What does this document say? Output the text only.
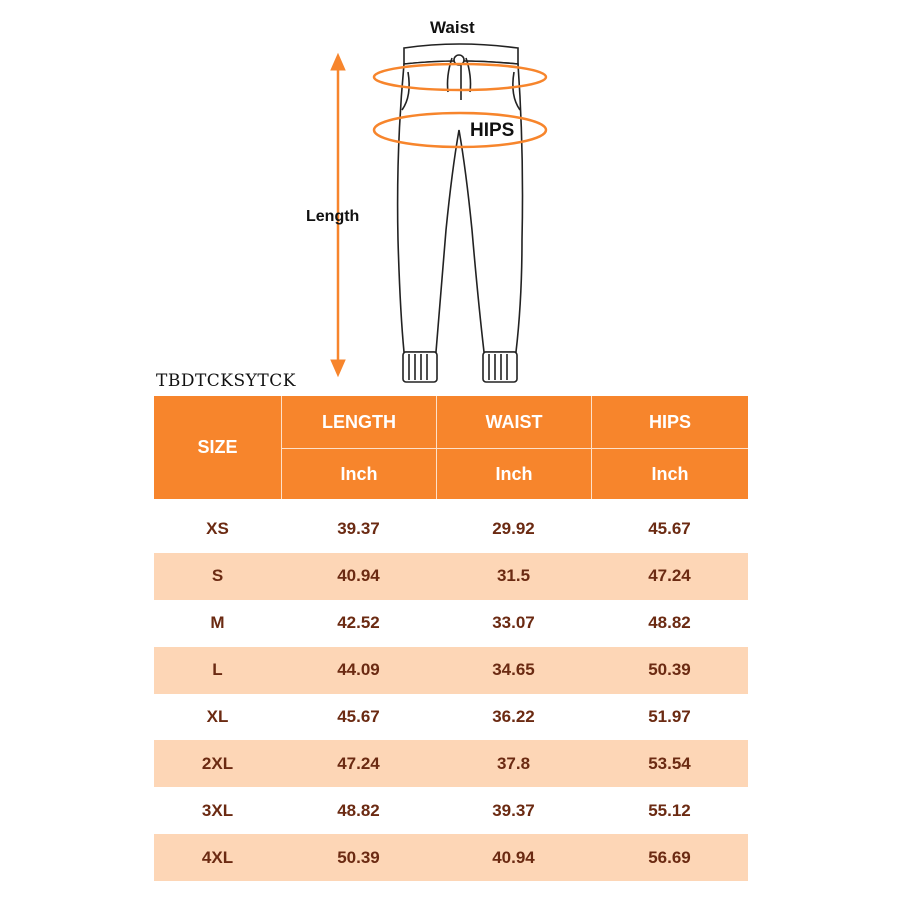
Waist
HIPS
Length
TBDTCKSYTCK
SIZE
LENGTH	WAIST	HIPS
Inch	Inch	Inch
XS	39.37	29.92	45.67
S	40.94	31.5	47.24
M	42.52	33.07	48.82
L	44.09	34.65	50.39
XL	45.67	36.22	51.97
2XL	47.24	37.8	53.54
3XL	48.82	39.37	55.12
4XL	50.39	40.94	56.69
